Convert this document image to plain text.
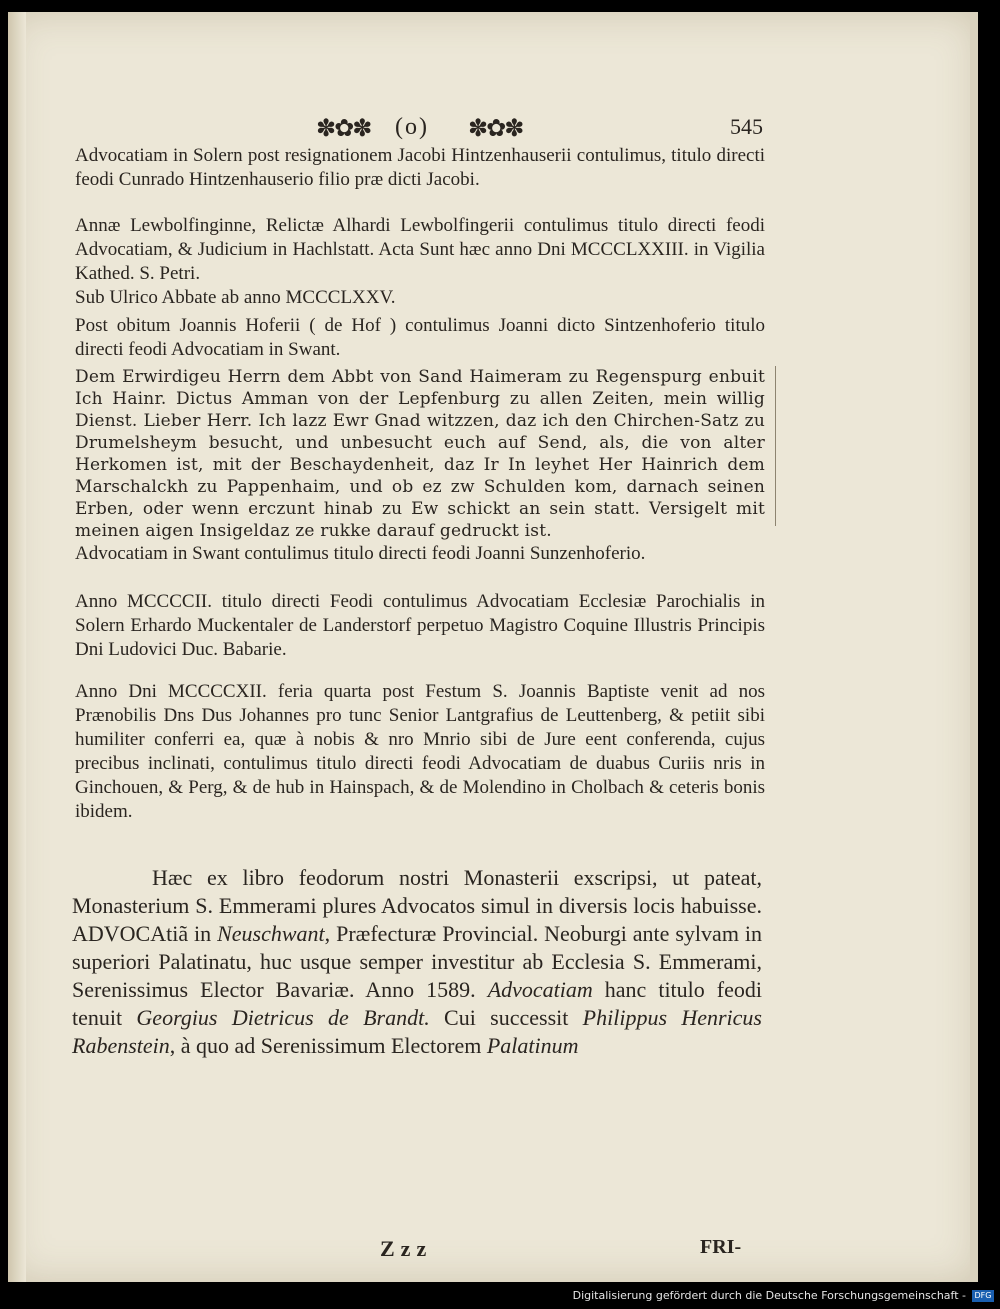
✽✿✽ ( o ) ✽✿✽	545
Advocatiam in Solern post resignationem Jacobi Hintzenhauserii contulimus, titulo directi feodi Cunrado Hintzenhauserio filio præ dicti Jacobi.
Annæ Lewbolfinginne, Relictæ Alhardi Lewbolfingerii contulimus titulo directi feodi Advocatiam, & Judicium in Hachlstatt. Acta Sunt hæc anno Dni MCCCLXXIII. in Vigilia Kathed. S. Petri.
Sub Ulrico Abbate ab anno MCCCLXXV.
Post obitum Joannis Hoferii ( de Hof ) contulimus Joanni dicto Sintzenhoferio titulo directi feodi Advocatiam in Swant.
Dem Erwirdigeu Herrn dem Abbt von Sand Haimeram zu Regenspurg enbuit Ich Hainr. Dictus Amman von der Lepfenburg zu allen Zeiten, mein willig Dienst. Lieber Herr. Ich lazz Ewr Gnad witzzen, daz ich den Chirchen-Satz zu Drumelsheym besucht, und unbesucht euch auf Send, als, die von alter Herkomen ist, mit der Beschaydenheit, daz Ir In leyhet Her Hainrich dem Marschalckh zu Pappenhaim, und ob ez zw Schulden kom, darnach seinen Erben, oder wenn erczunt hinab zu Ew schickt an sein statt. Versigelt mit meinen aigen Insigeldaz ze rukke darauf gedruckt ist.
Advocatiam in Swant contulimus titulo directi feodi Joanni Sunzenhoferio.
Anno MCCCCII. titulo directi Feodi contulimus Advocatiam Ecclesiæ Parochialis in Solern Erhardo Muckentaler de Landerstorf perpetuo Magistro Coquine Illustris Principis Dni Ludovici Duc. Babarie.
Anno Dni MCCCCXII. feria quarta post Festum S. Joannis Baptiste venit ad nos Prænobilis Dns Dus Johannes pro tunc Senior Lantgrafius de Leuttenberg, & petiit sibi humiliter conferri ea, quæ à nobis & nro Mnrio sibi de Jure eent conferenda, cujus precibus inclinati, contulimus titulo directi feodi Advocatiam de duabus Curiis nris in Ginchouen, & Perg, & de hub in Hainspach, & de Molendino in Cholbach & ceteris bonis ibidem.
Hæc ex libro feodorum nostri Monasterii exscripsi, ut pateat, Monasterium S. Emmerami plures Advocatos simul in diversis locis habuisse. ADVOCAtiã in Neuschwant, Præfecturæ Provincial. Neoburgi ante sylvam in superiori Palatinatu, huc usque semper investitur ab Ecclesia S. Emmerami, Serenissimus Elector Bavariæ. Anno 1589. Advocatiam hanc titulo feodi tenuit Georgius Dietricus de Brandt. Cui successit Philippus Henricus Rabenstein, à quo ad Serenissimum Electorem Palatinum
Zzz	FRI-
Digitalisierung gefördert durch die Deutsche Forschungsgemeinschaft -	DFG
